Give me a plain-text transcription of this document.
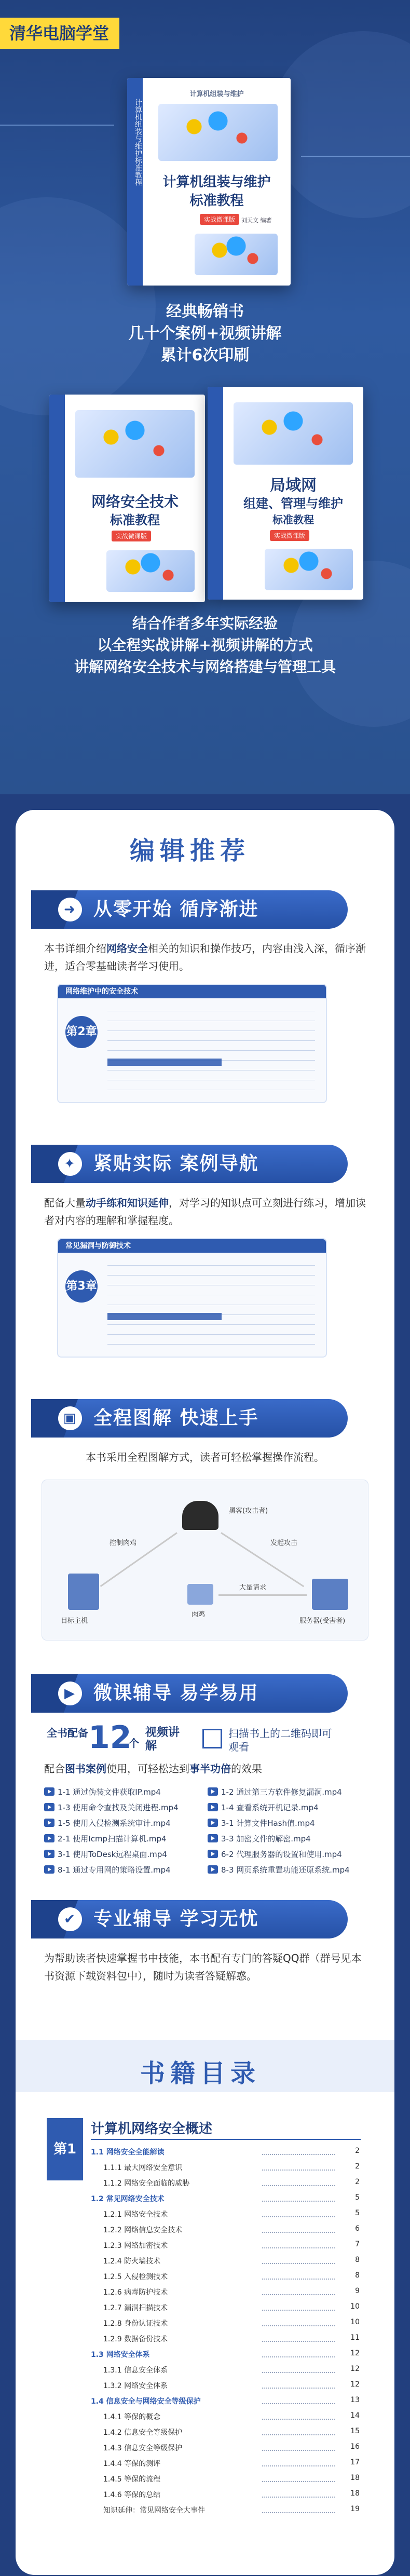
清华电脑学堂
计算机组装与维护标准教程
计算机组装与维护
计算机组装与维护
标准教程
实战微课版	刘天文 编著
经典畅销书
几十个案例+视频讲解
累计6次印刷
网络安全技术
标准教程
实战微课版
局域网
组建、管理与维护
标准教程
实战微课版
结合作者多年实际经验
以全程实战讲解+视频讲解的方式
讲解网络安全技术与网络搭建与管理工具
编辑推荐
➜ 从零开始 循序渐进
本书详细介绍网络安全相关的知识和操作技巧，内容由浅入深，循序渐进，适合零基础读者学习使用。
网络维护中的安全技术
第2章
✦ 紧贴实际 案例导航
配备大量动手练和知识延伸，对学习的知识点可立刻进行练习，增加读者对内容的理解和掌握程度。
常见漏洞与防御技术
第3章
▣ 全程图解 快速上手
本书采用全程图解方式，读者可轻松掌握操作流程。
黑客(攻击者)
目标主机	服务器(受害者)
肉鸡
控制肉鸡	发起攻击
大量请求
▶ 微课辅导 易学易用
全书配备 12
个
视频讲解
扫描书上的二维码即可观看
配合图书案例使用，可轻松达到事半功倍的效果
1-1 通过伪装文件获取IP.mp4
1-3 使用命令查找及关闭进程.mp4
1-5 使用入侵检测系统审计.mp4
2-1 使用Icmp扫描计算机.mp4
3-1 使用ToDesk远程桌面.mp4
8-1 通过专用网的策略设置.mp4
1-2 通过第三方软件修复漏洞.mp4
1-4 查看系统开机记录.mp4
3-1 计算文件Hash值.mp4
3-3 加密文件的解密.mp4
6-2 代理服务器的设置和使用.mp4
8-3 网页系统重置功能还原系统.mp4
✔ 专业辅导 学习无忧
为帮助读者快速掌握书中技能，本书配有专门的答疑QQ群（群号见本书资源下载资料包中），随时为读者答疑解惑。
书籍目录
第1章
计算机网络安全概述
1.1 网络安全全能解读	2
1.1.1 最大网络安全意识	2
1.1.2 网络安全面临的威胁	2
1.2 常见网络安全技术	5
1.2.1 网络安全技术	5
1.2.2 网络信息安全技术	6
1.2.3 网络加密技术	7
1.2.4 防火墙技术	8
1.2.5 入侵检测技术	8
1.2.6 病毒防护技术	9
1.2.7 漏洞扫描技术	10
1.2.8 身份认证技术	10
1.2.9 数据备份技术	11
1.3 网络安全体系	12
1.3.1 信息安全体系	12
1.3.2 网络安全体系	12
1.4 信息安全与网络安全等级保护	13
1.4.1 等保的概念	14
1.4.2 信息安全等级保护	15
1.4.3 信息安全等级保护	16
1.4.4 等保的测评	17
1.4.5 等保的流程	18
1.4.6 等保的总结	18
知识延伸：常见网络安全大事件	19
